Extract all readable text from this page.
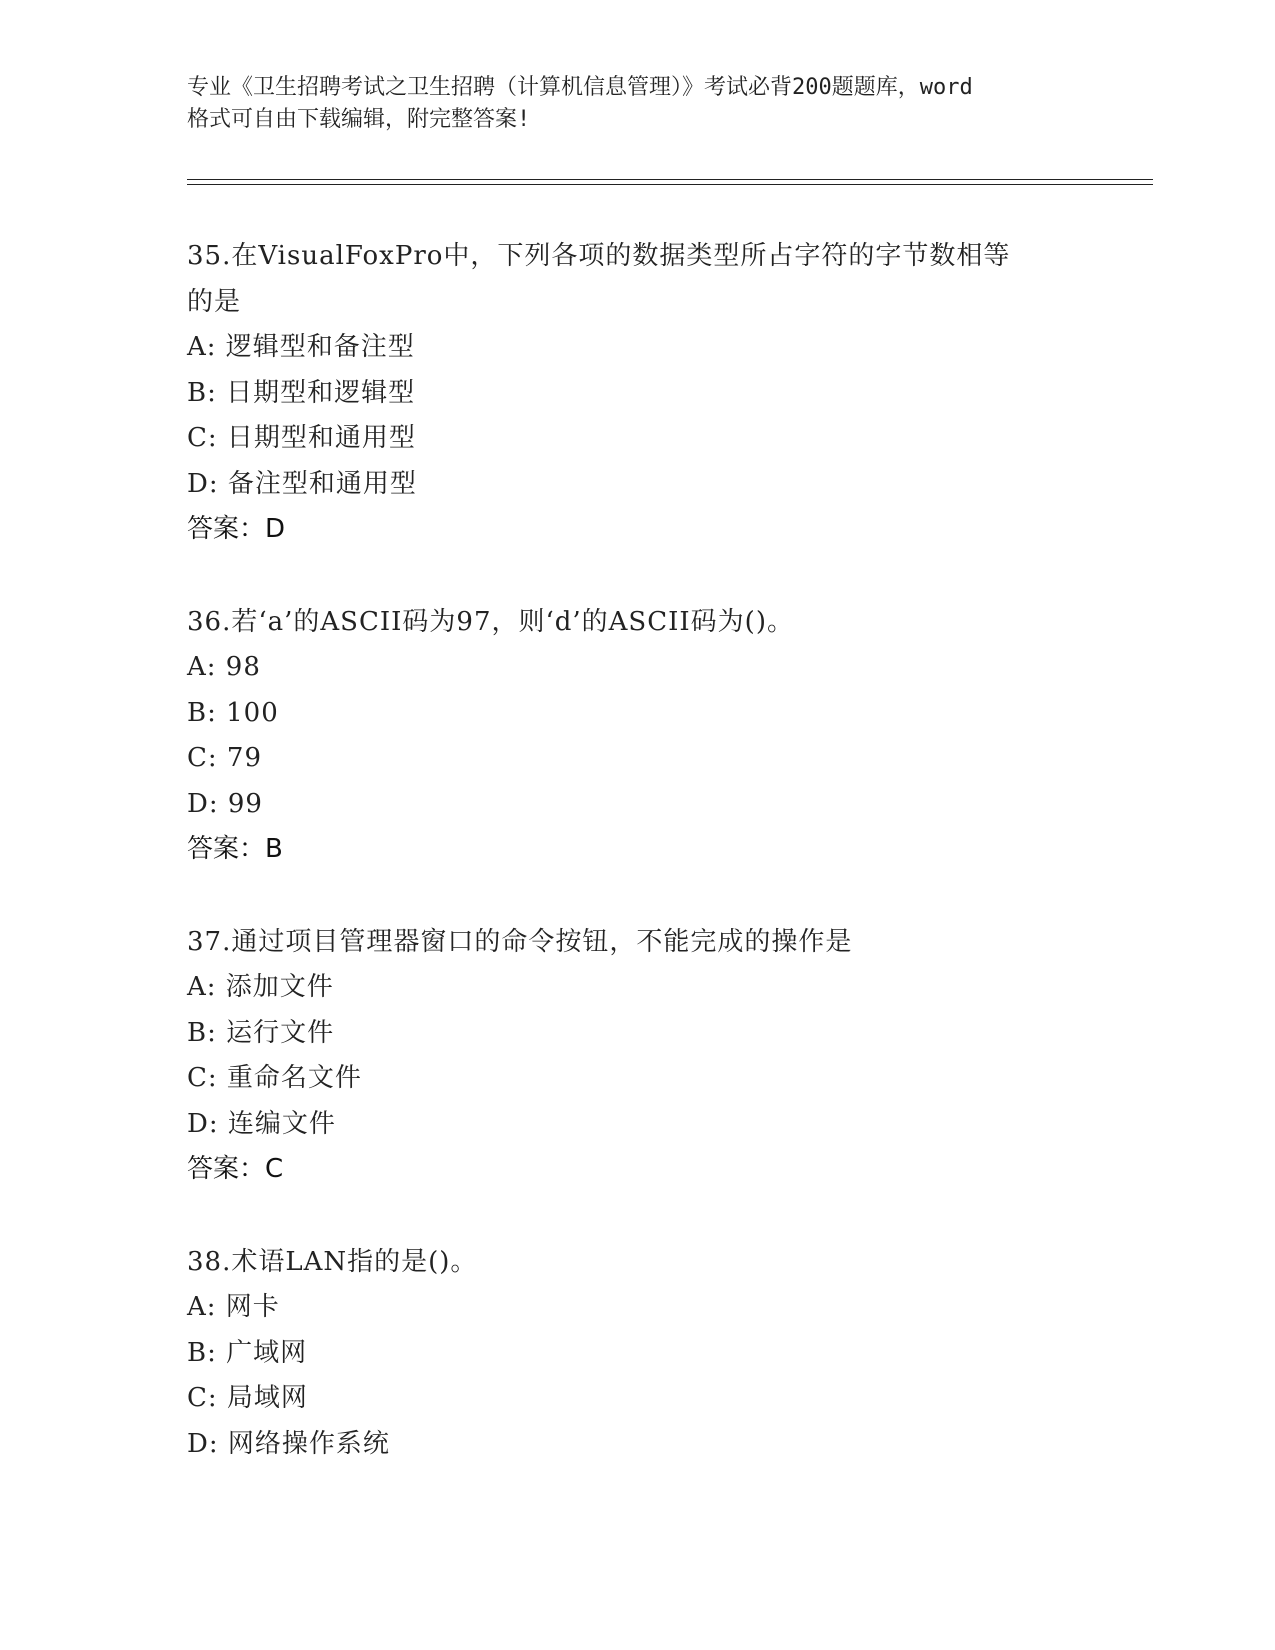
专业《卫生招聘考试之卫生招聘（计算机信息管理）》考试必背200题题库，word
格式可自由下载编辑，附完整答案!

35.在VisualFoxPro中，下列各项的数据类型所占字符的字节数相等

的是

A: 逻辑型和备注型

B: 日期型和逻辑型

C: 日期型和通用型

D: 备注型和通用型

答案：D

36.若‘a’的ASCII码为97，则‘d’的ASCII码为()。

A: 98

B: 100

C: 79

D: 99

答案：B

37.通过项目管理器窗口的命令按钮，不能完成的操作是

A: 添加文件

B: 运行文件

C: 重命名文件

D: 连编文件

答案：C

38.术语LAN指的是()。

A: 网卡

B: 广域网

C: 局域网

D: 网络操作系统
